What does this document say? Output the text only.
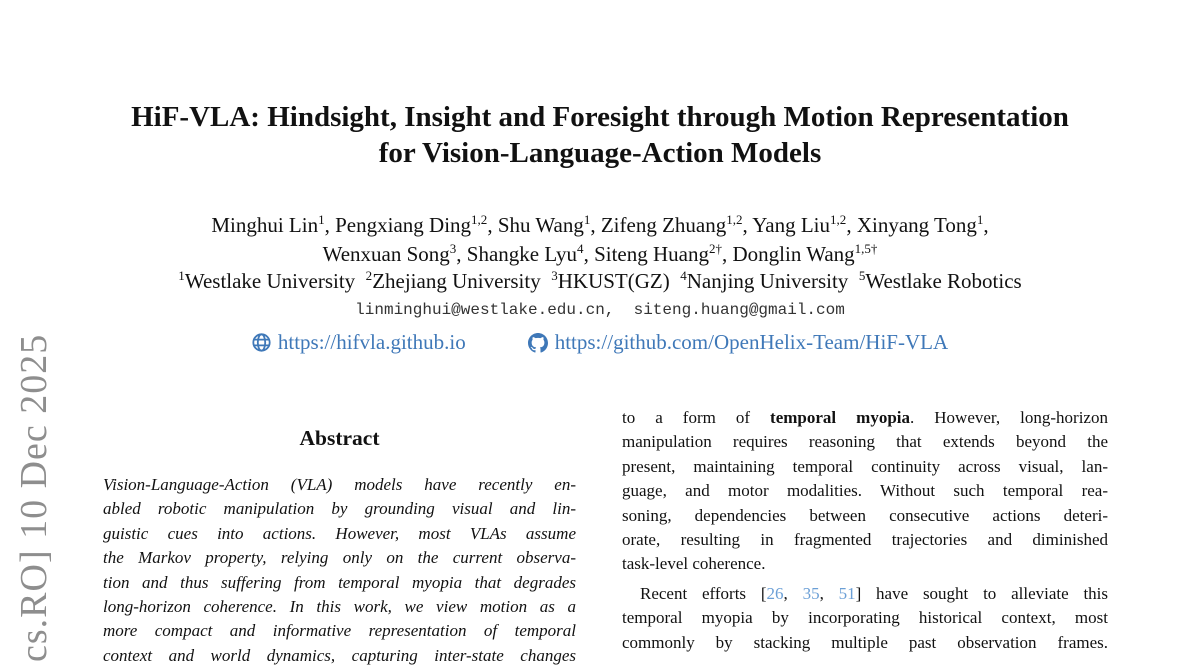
cs.RO] 10 Dec 2025
HiF-VLA: Hindsight, Insight and Foresight through Motion Representation
for Vision-Language-Action Models
Minghui Lin$^1$, Pengxiang Ding$^{1,2}$, Shu Wang$^1$, Zifeng Zhuang$^{1,2}$, Yang Liu$^{1,2}$, Xinyang Tong$^1$,
Wenxuan Song$^3$, Shangke Lyu$^4$, Siteng Huang$^{2\dagger}$, Donglin Wang$^{1,5\dagger}$
$^1$Westlake University  $^2$Zhejiang University  $^3$HKUST(GZ)  $^4$Nanjing University  $^5$Westlake Robotics
linminghui@westlake.edu.cn,  siteng.huang@gmail.com
https://hifvla.github.io	https://github.com/OpenHelix-Team/HiF-VLA
Abstract
Vision-Language-Action (VLA) models have recently en-
abled robotic manipulation by grounding visual and lin-
guistic cues into actions. However, most VLAs assume
the Markov property, relying only on the current observa-
tion and thus suffering from temporal myopia that degrades
long-horizon coherence. In this work, we view motion as a
more compact and informative representation of temporal
context and world dynamics, capturing inter-state changes
to a form of temporal myopia. However, long-horizon
manipulation requires reasoning that extends beyond the
present, maintaining temporal continuity across visual, lan-
guage, and motor modalities. Without such temporal rea-
soning, dependencies between consecutive actions deteri-
orate, resulting in fragmented trajectories and diminished
task-level coherence.
Recent efforts [26, 35, 51] have sought to alleviate this
temporal myopia by incorporating historical context, most
commonly by stacking multiple past observation frames.
